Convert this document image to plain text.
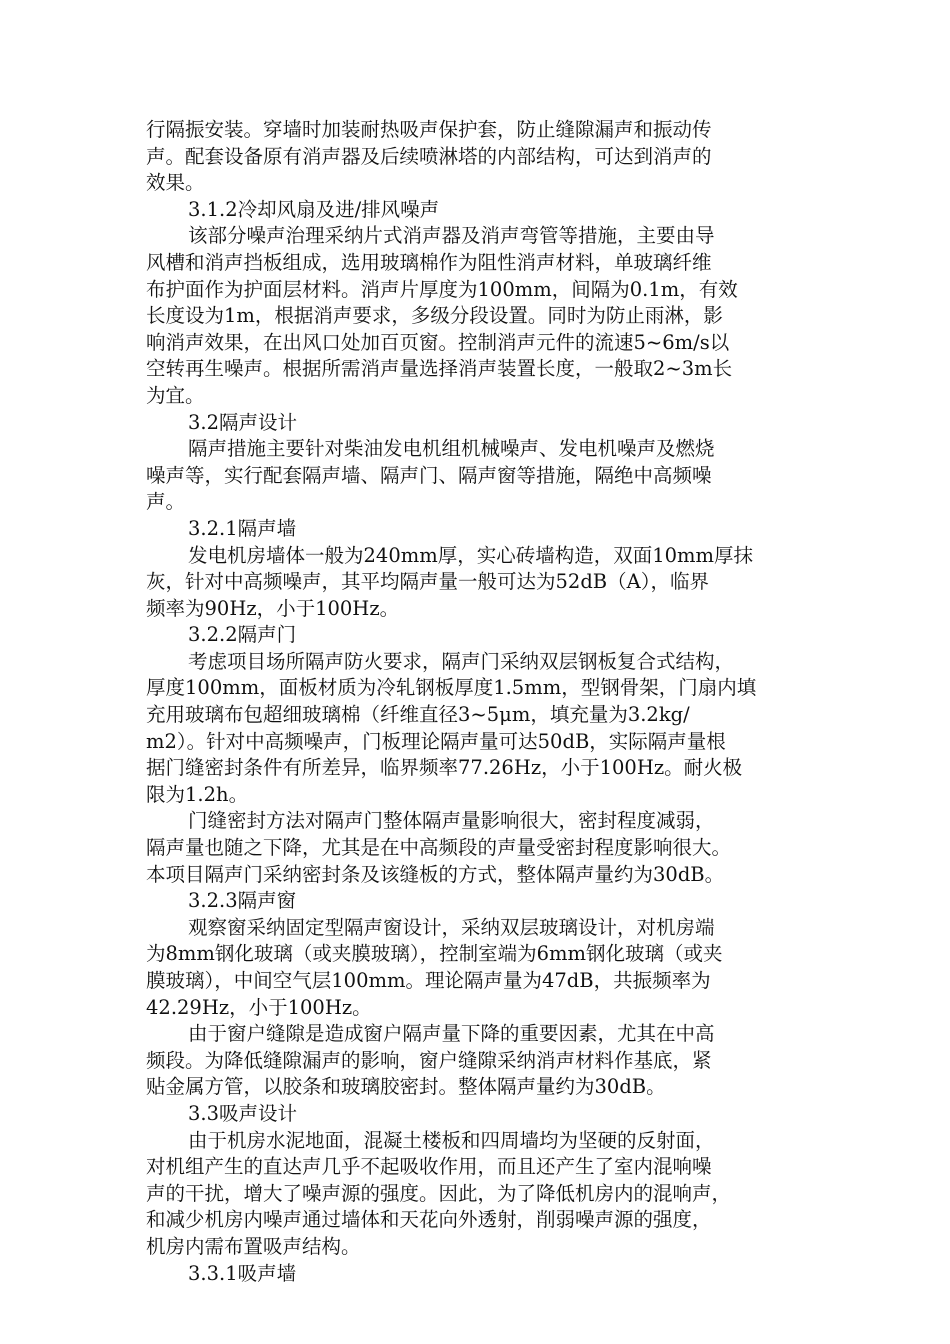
行隔振安装。穿墙时加装耐热吸声保护套，防止缝隙漏声和振动传
声。配套设备原有消声器及后续喷淋塔的内部结构，可达到消声的
效果。
3.1.2冷却风扇及进/排风噪声
该部分噪声治理采纳片式消声器及消声弯管等措施，主要由导
风槽和消声挡板组成，选用玻璃棉作为阻性消声材料，单玻璃纤维
布护面作为护面层材料。消声片厚度为100mm，间隔为0.1m，有效
长度设为1m，根据消声要求，多级分段设置。同时为防止雨淋，影
响消声效果，在出风口处加百页窗。控制消声元件的流速5~6m/s以
空转再生噪声。根据所需消声量选择消声装置长度，一般取2~3m长
为宜。
3.2隔声设计
隔声措施主要针对柴油发电机组机械噪声、发电机噪声及燃烧
噪声等，实行配套隔声墙、隔声门、隔声窗等措施，隔绝中高频噪
声。
3.2.1隔声墙
发电机房墙体一般为240mm厚，实心砖墙构造，双面10mm厚抹
灰，针对中高频噪声，其平均隔声量一般可达为52dB（A），临界
频率为90Hz，小于100Hz。
3.2.2隔声门
考虑项目场所隔声防火要求，隔声门采纳双层钢板复合式结构，
厚度100mm，面板材质为冷轧钢板厚度1.5mm，型钢骨架，门扇内填
充用玻璃布包超细玻璃棉（纤维直径3~5μm，填充量为3.2kg/
m2）。针对中高频噪声，门板理论隔声量可达50dB，实际隔声量根
据门缝密封条件有所差异，临界频率77.26Hz，小于100Hz。耐火极
限为1.2h。
门缝密封方法对隔声门整体隔声量影响很大，密封程度减弱，
隔声量也随之下降，尤其是在中高频段的声量受密封程度影响很大。
本项目隔声门采纳密封条及该缝板的方式，整体隔声量约为30dB。
3.2.3隔声窗
观察窗采纳固定型隔声窗设计，采纳双层玻璃设计，对机房端
为8mm钢化玻璃（或夹膜玻璃），控制室端为6mm钢化玻璃（或夹
膜玻璃），中间空气层100mm。理论隔声量为47dB，共振频率为
42.29Hz，小于100Hz。
由于窗户缝隙是造成窗户隔声量下降的重要因素，尤其在中高
频段。为降低缝隙漏声的影响，窗户缝隙采纳消声材料作基底，紧
贴金属方管，以胶条和玻璃胶密封。整体隔声量约为30dB。
3.3吸声设计
由于机房水泥地面，混凝土楼板和四周墙均为坚硬的反射面，
对机组产生的直达声几乎不起吸收作用，而且还产生了室内混响噪
声的干扰，增大了噪声源的强度。因此，为了降低机房内的混响声，
和减少机房内噪声通过墙体和天花向外透射，削弱噪声源的强度，
机房内需布置吸声结构。
3.3.1吸声墙
